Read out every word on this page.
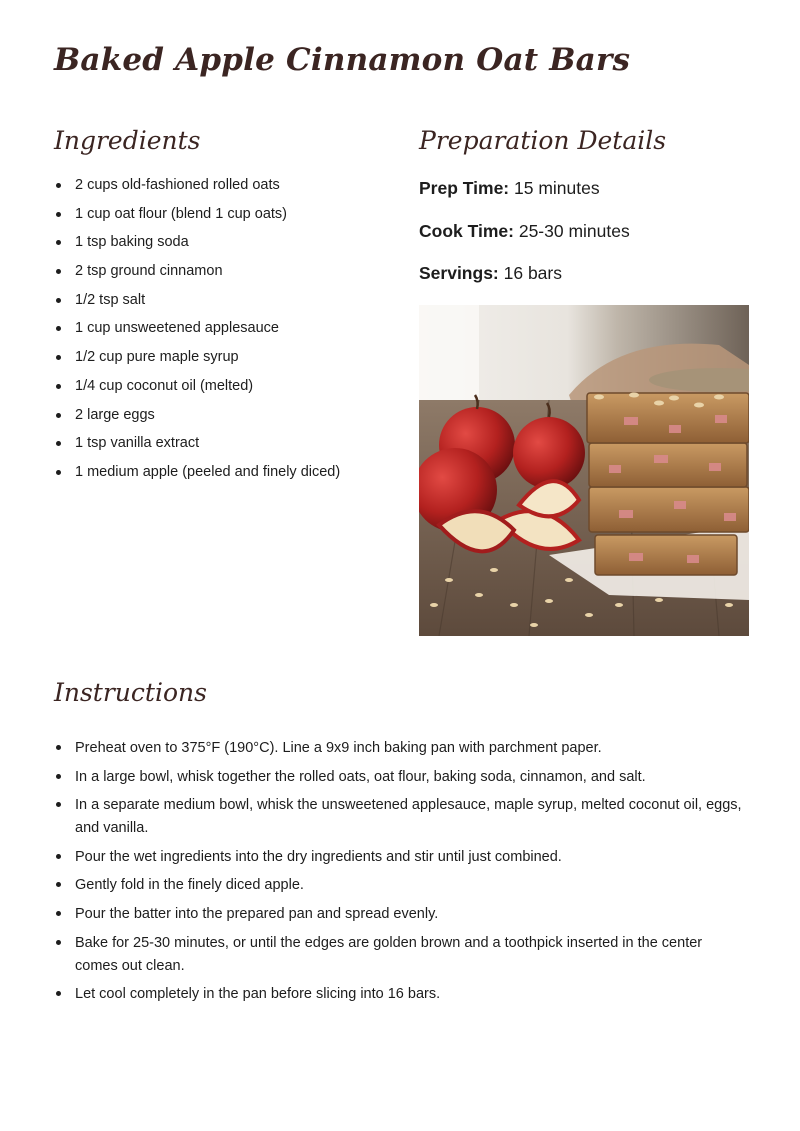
Baked Apple Cinnamon Oat Bars
Ingredients
2 cups old-fashioned rolled oats
1 cup oat flour (blend 1 cup oats)
1 tsp baking soda
2 tsp ground cinnamon
1/2 tsp salt
1 cup unsweetened applesauce
1/2 cup pure maple syrup
1/4 cup coconut oil (melted)
2 large eggs
1 tsp vanilla extract
1 medium apple (peeled and finely diced)
Preparation Details

Prep Time: 15 minutes

Cook Time: 25-30 minutes

Servings: 16 bars

Instructions
Preheat oven to 375°F (190°C). Line a 9x9 inch baking pan with parchment paper.
In a large bowl, whisk together the rolled oats, oat flour, baking soda, cinnamon, and salt.
In a separate medium bowl, whisk the unsweetened applesauce, maple syrup, melted coconut oil, eggs, and vanilla.
Pour the wet ingredients into the dry ingredients and stir until just combined.
Gently fold in the finely diced apple.
Pour the batter into the prepared pan and spread evenly.
Bake for 25-30 minutes, or until the edges are golden brown and a toothpick inserted in the center comes out clean.
Let cool completely in the pan before slicing into 16 bars.
